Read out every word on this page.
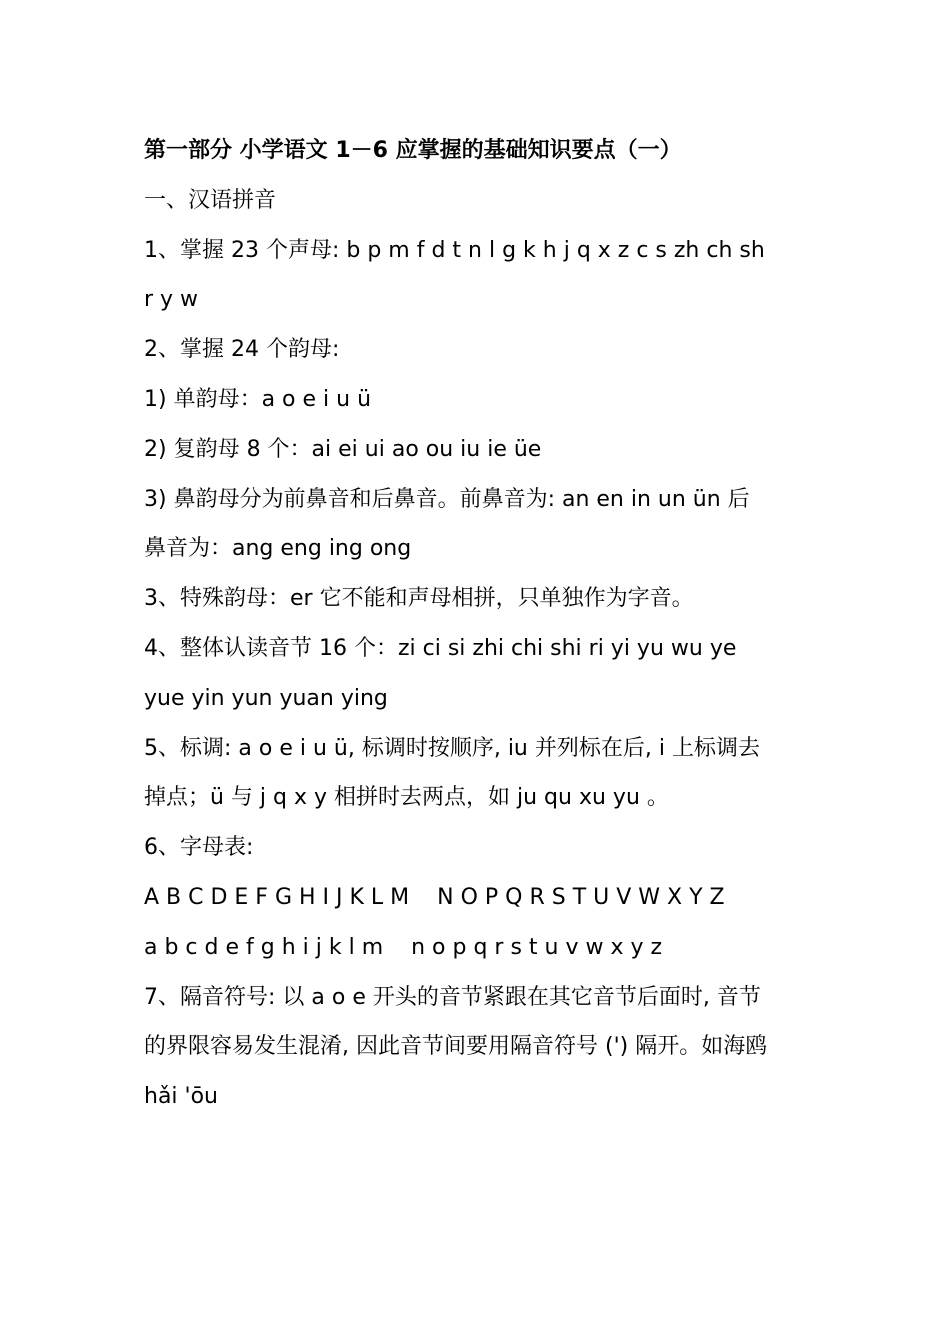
第一部分 小学语文 1－6 应掌握的基础知识要点（一）
一、汉语拼音
1、掌握 23 个声母: b p m f d t n l g k h j q x z c s zh ch sh
r y w
2、掌握 24 个韵母:
1) 单韵母：a o e i u ü
2) 复韵母 8 个：ai ei ui ao ou iu ie üe
3) 鼻韵母分为前鼻音和后鼻音。前鼻音为: an en in un ün 后
鼻音为：ang eng ing ong
3、特殊韵母：er 它不能和声母相拼，只单独作为字音。
4、整体认读音节 16 个：zi ci si zhi chi shi ri yi yu wu ye
yue yin yun yuan ying
5、标调: a o e i u ü, 标调时按顺序, iu 并列标在后, i 上标调去
掉点；ü 与 j q x y 相拼时去两点，如 ju qu xu yu 。
6、字母表:
A B C D E F G H I J K L M    N O P Q R S T U V W X Y Z
a b c d e f g h i j k l m    n o p q r s t u v w x y z
7、隔音符号: 以 a o e 开头的音节紧跟在其它音节后面时, 音节
的界限容易发生混淆, 因此音节间要用隔音符号 (') 隔开。如海鸥
hǎi 'ōu
